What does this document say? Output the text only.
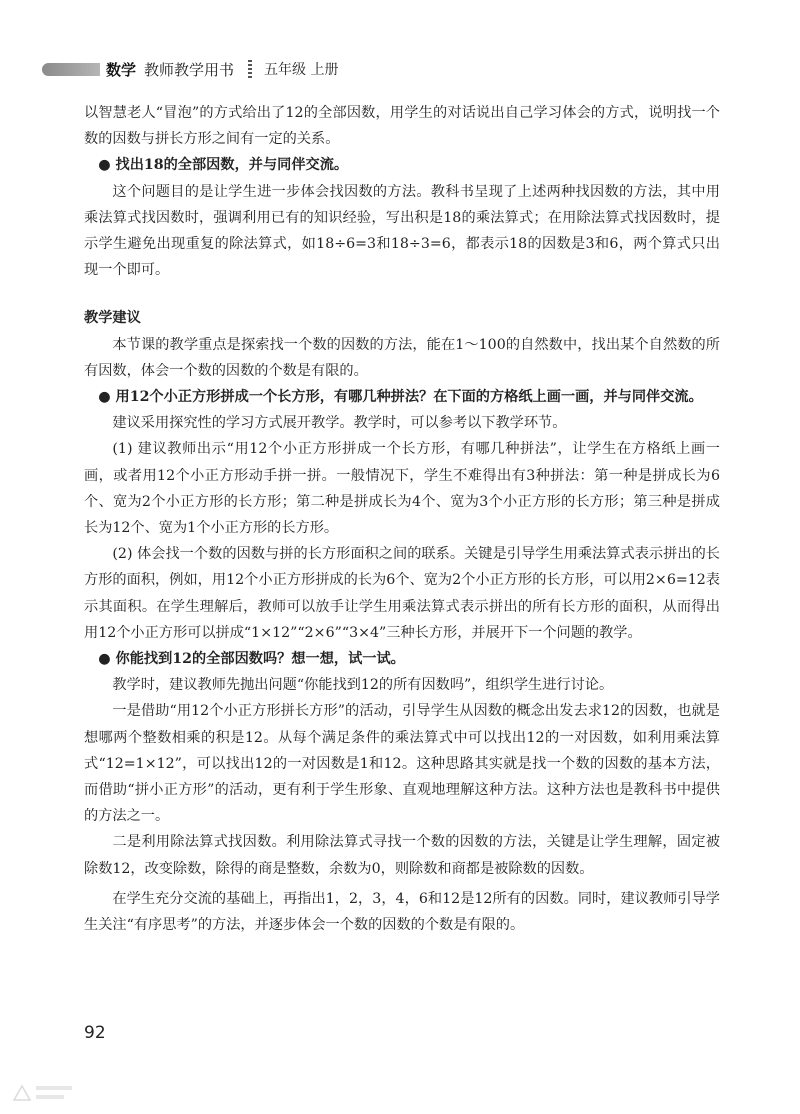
数学 教师教学用书 五年级 上册

以智慧老人“冒泡”的方式给出了12的全部因数，用学生的对话说出自己学习体会的方式，说明找一个数的因数与拼长方形之间有一定的关系。

● 找出18的全部因数，并与同伴交流。

这个问题目的是让学生进一步体会找因数的方法。教科书呈现了上述两种找因数的方法，其中用乘法算式找因数时，强调利用已有的知识经验，写出积是18的乘法算式；在用除法算式找因数时，提示学生避免出现重复的除法算式，如18÷6=3和18÷3=6，都表示18的因数是3和6，两个算式只出现一个即可。

教学建议

本节课的教学重点是探索找一个数的因数的方法，能在1～100的自然数中，找出某个自然数的所有因数，体会一个数的因数的个数是有限的。

● 用12个小正方形拼成一个长方形，有哪几种拼法？在下面的方格纸上画一画，并与同伴交流。

建议采用探究性的学习方式展开教学。教学时，可以参考以下教学环节。

(1) 建议教师出示“用12个小正方形拼成一个长方形，有哪几种拼法”，让学生在方格纸上画一画，或者用12个小正方形动手拼一拼。一般情况下，学生不难得出有3种拼法：第一种是拼成长为6个、宽为2个小正方形的长方形；第二种是拼成长为4个、宽为3个小正方形的长方形；第三种是拼成长为12个、宽为1个小正方形的长方形。

(2) 体会找一个数的因数与拼的长方形面积之间的联系。关键是引导学生用乘法算式表示拼出的长方形的面积，例如，用12个小正方形拼成的长为6个、宽为2个小正方形的长方形，可以用2×6=12表示其面积。在学生理解后，教师可以放手让学生用乘法算式表示拼出的所有长方形的面积，从而得出用12个小正方形可以拼成“1×12”“2×6”“3×4”三种长方形，并展开下一个问题的教学。

● 你能找到12的全部因数吗？想一想，试一试。

教学时，建议教师先抛出问题“你能找到12的所有因数吗”，组织学生进行讨论。

一是借助“用12个小正方形拼长方形”的活动，引导学生从因数的概念出发去求12的因数，也就是想哪两个整数相乘的积是12。从每个满足条件的乘法算式中可以找出12的一对因数，如利用乘法算式“12=1×12”，可以找出12的一对因数是1和12。这种思路其实就是找一个数的因数的基本方法，而借助“拼小正方形”的活动，更有利于学生形象、直观地理解这种方法。这种方法也是教科书中提供的方法之一。

二是利用除法算式找因数。利用除法算式寻找一个数的因数的方法，关键是让学生理解，固定被除数12，改变除数，除得的商是整数，余数为0，则除数和商都是被除数的因数。

在学生充分交流的基础上，再指出1，2，3，4，6和12是12所有的因数。同时，建议教师引导学生关注“有序思考”的方法，并逐步体会一个数的因数的个数是有限的。

92
